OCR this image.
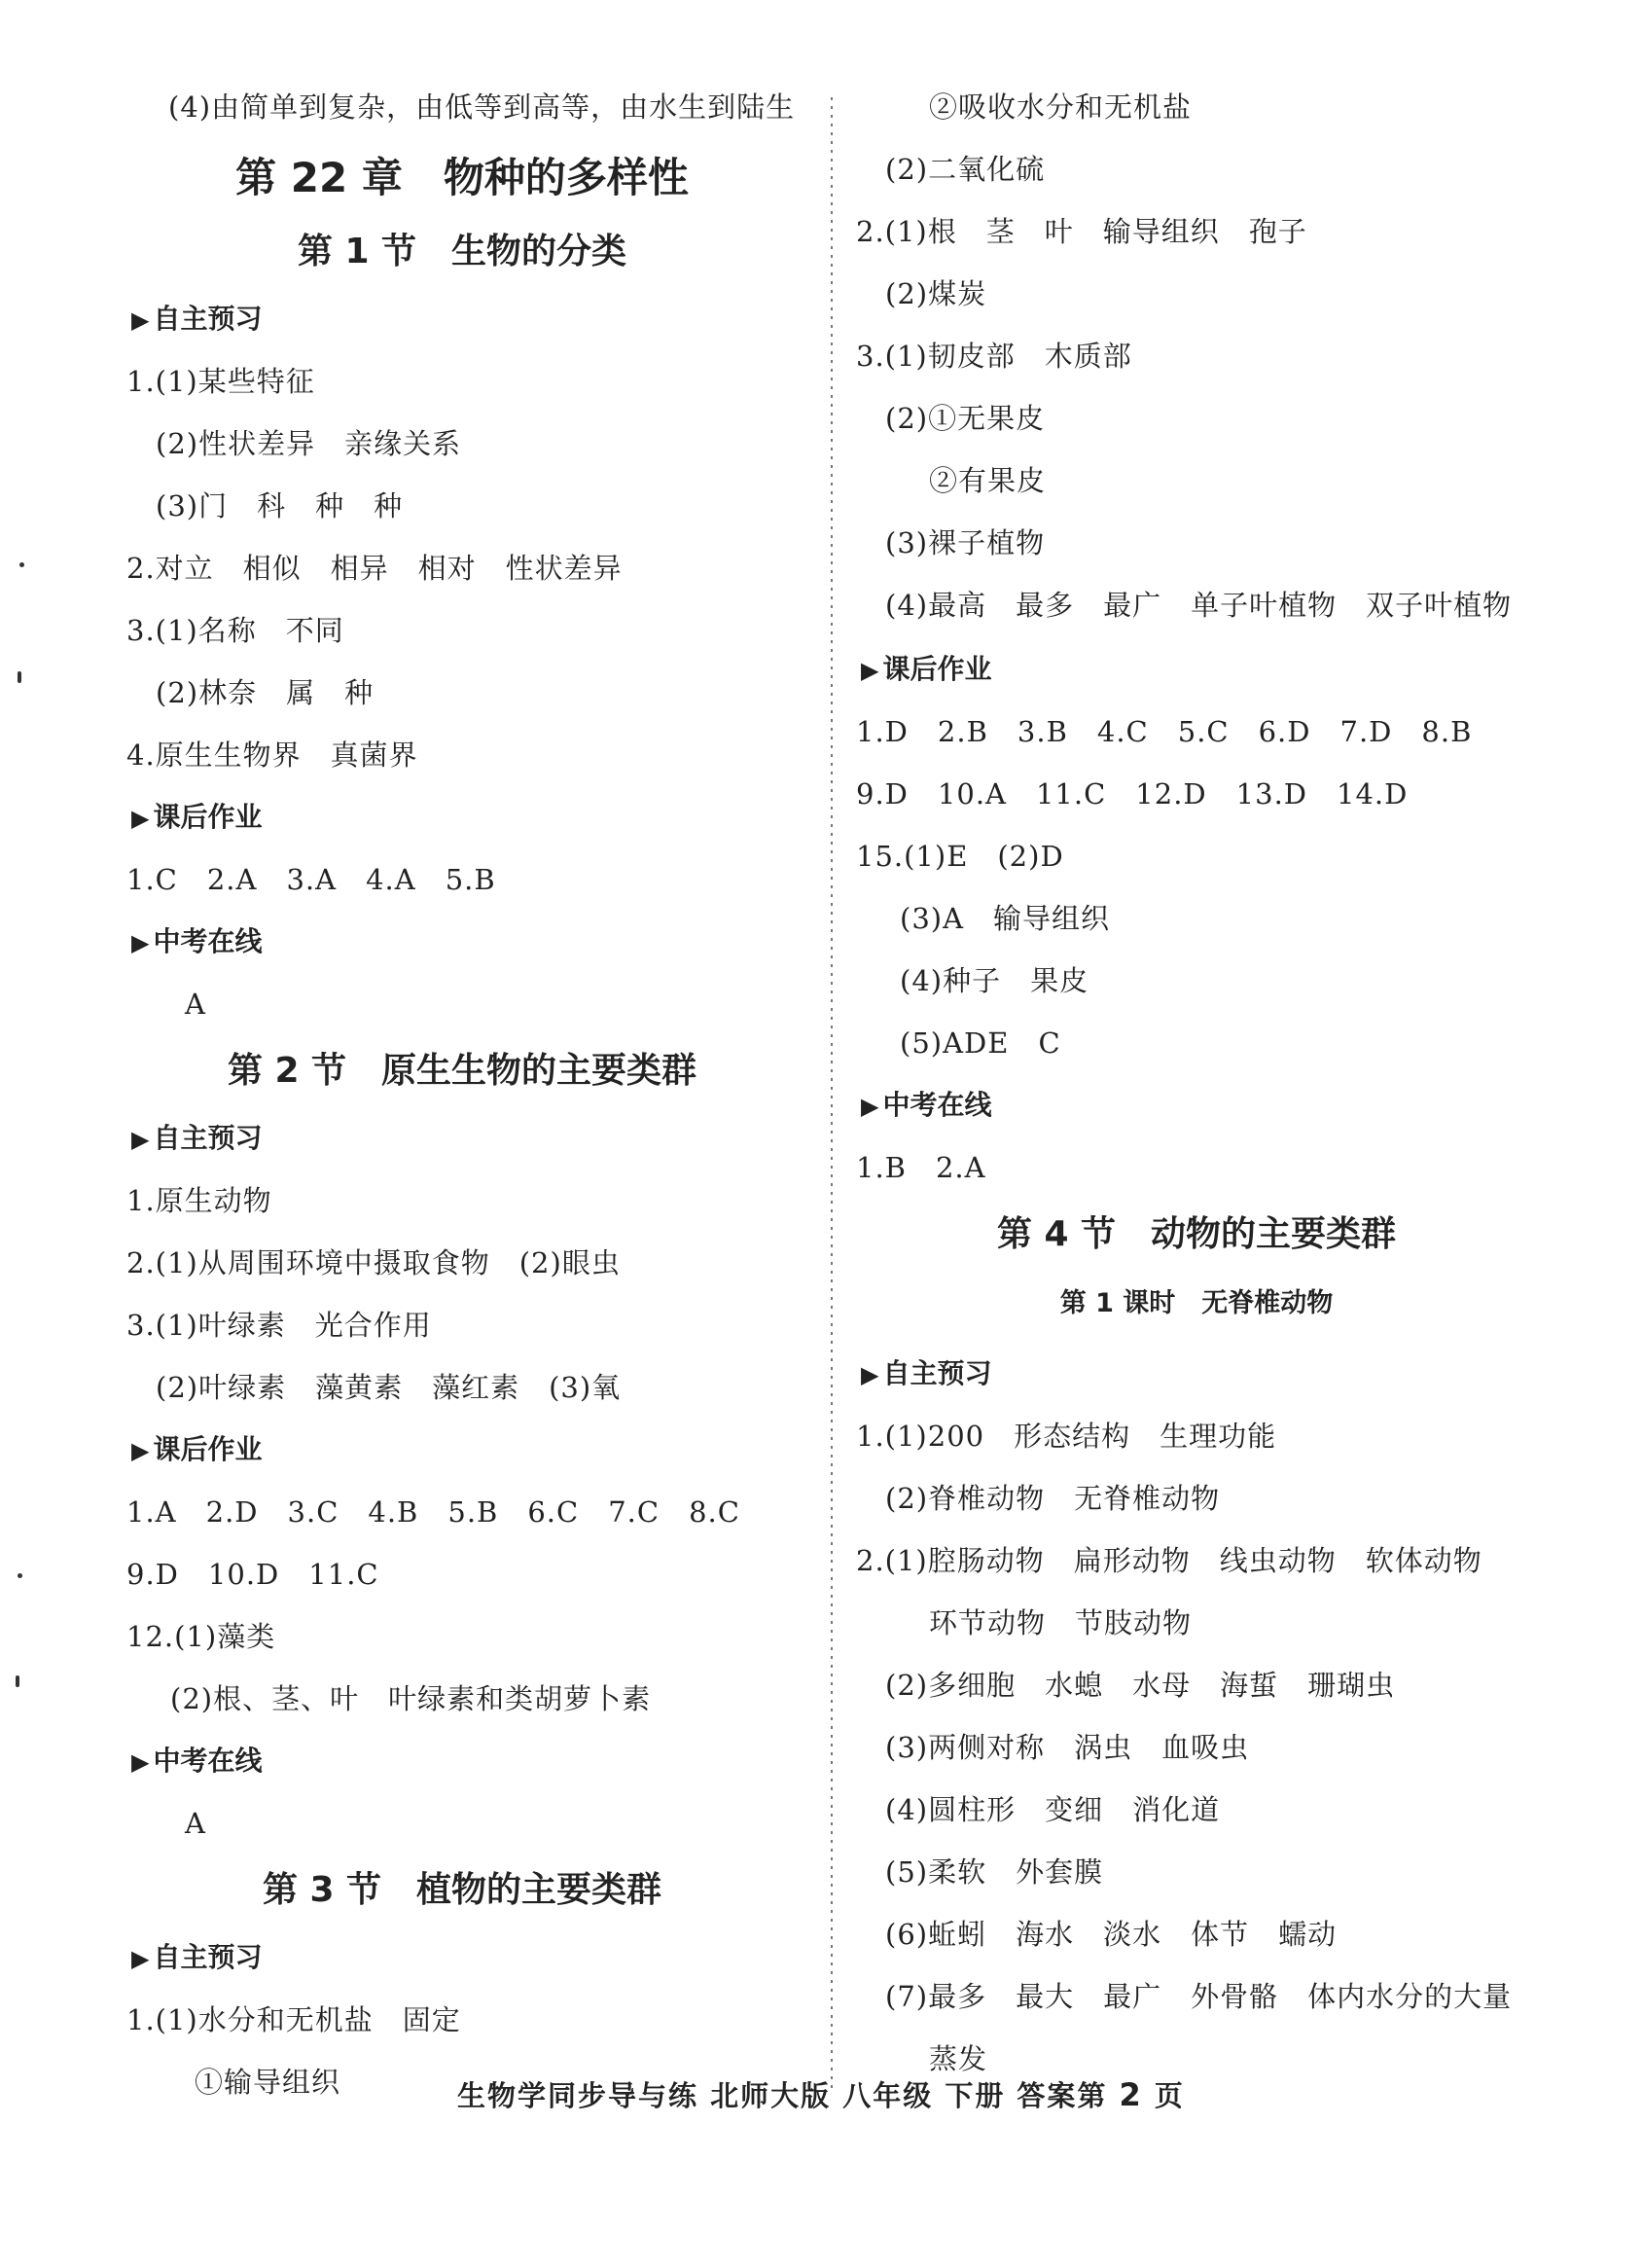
(4)由简单到复杂，由低等到高等，由水生到陆生
第 22 章　物种的多样性
第 1 节　生物的分类
▶ 自主预习
1.(1)某些特征
(2)性状差异　亲缘关系
(3)门　科　种　种
2.对立　相似　相异　相对　性状差异
3.(1)名称　不同
(2)林奈　属　种
4.原生生物界　真菌界
▶ 课后作业
1.C　2.A　3.A　4.A　5.B
▶ 中考在线
A
第 2 节　原生生物的主要类群
▶ 自主预习
1.原生动物
2.(1)从周围环境中摄取食物　(2)眼虫
3.(1)叶绿素　光合作用
(2)叶绿素　藻黄素　藻红素　(3)氧
▶ 课后作业
1.A　2.D　3.C　4.B　5.B　6.C　7.C　8.C
9.D　10.D　11.C
12.(1)藻类
(2)根、茎、叶　叶绿素和类胡萝卜素
▶ 中考在线
A
第 3 节　植物的主要类群
▶ 自主预习
1.(1)水分和无机盐　固定
①输导组织
②吸收水分和无机盐
(2)二氧化硫
2.(1)根　茎　叶　输导组织　孢子
(2)煤炭
3.(1)韧皮部　木质部
(2)①无果皮
②有果皮
(3)裸子植物
(4)最高　最多　最广　单子叶植物　双子叶植物
▶ 课后作业
1.D　2.B　3.B　4.C　5.C　6.D　7.D　8.B
9.D　10.A　11.C　12.D　13.D　14.D
15.(1)E　(2)D
(3)A　输导组织
(4)种子　果皮
(5)ADE　C
▶ 中考在线
1.B　2.A
第 4 节　动物的主要类群
第 1 课时　无脊椎动物
▶ 自主预习
1.(1)200　形态结构　生理功能
(2)脊椎动物　无脊椎动物
2.(1)腔肠动物　扁形动物　线虫动物　软体动物
环节动物　节肢动物
(2)多细胞　水螅　水母　海蜇　珊瑚虫
(3)两侧对称　涡虫　血吸虫
(4)圆柱形　变细　消化道
(5)柔软　外套膜
(6)蚯蚓　海水　淡水　体节　蠕动
(7)最多　最大　最广　外骨骼　体内水分的大量
蒸发
生物学同步导与练 北师大版 八年级 下册 答案第 2 页
